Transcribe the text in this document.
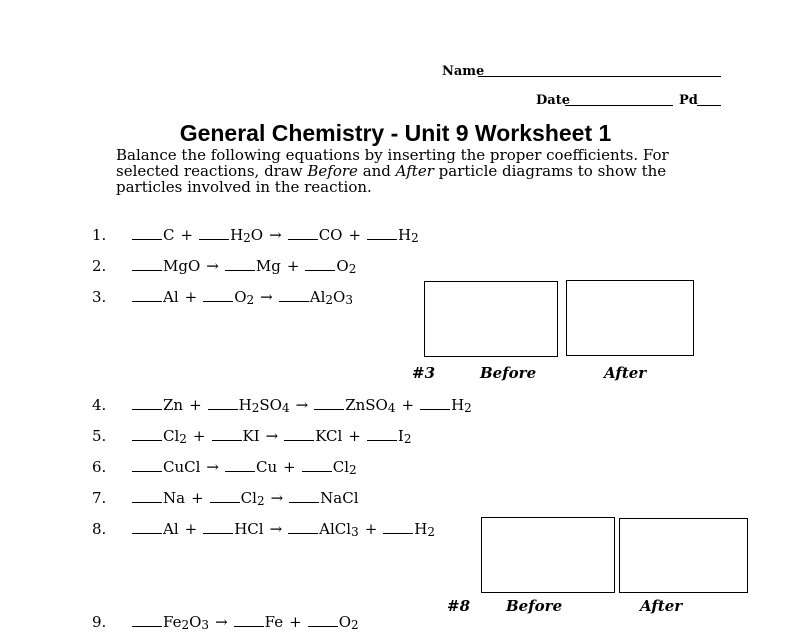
Name
Date	Pd
General Chemistry - Unit 9 Worksheet 1
Balance the following equations by inserting the proper coefficients. For selected reactions, draw Before and After particle diagrams to show the particles involved in the reaction.
1.	$C + H_2O$ → CO + $H_2$
2.	MgO → $Mg + O_2$
3.	$Al + O_2 \to Al_2O_3$
4.	$Zn + H_2SO_4$ → ZnSO$_4$ + $H_2$
5.	$Cl_2$ + KI → KCl + $I_2$
6.	CuCl → $Cu + Cl_2$
7.	$Na + Cl_2$ → NaCl
8.	Al + HCl → AlCl$_3$ + $H_2$
9.	$Fe_2O_3 \to Fe + O_2$
#3	Before	After
#8 Before	After
